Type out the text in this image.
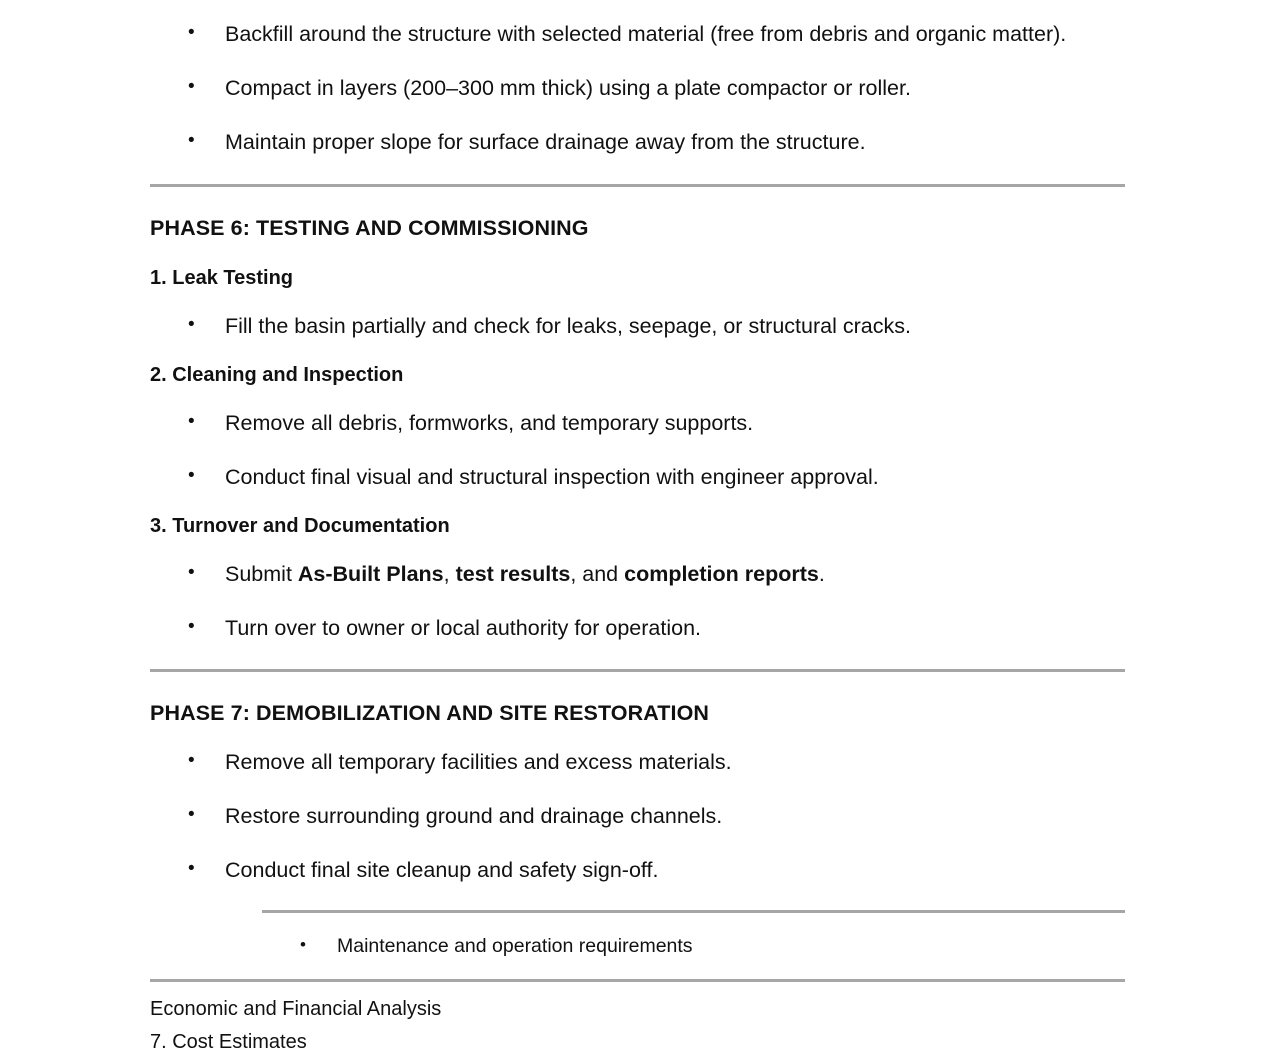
• Backfill around the structure with selected material (free from debris and organic matter).
• Compact in layers (200–300 mm thick) using a plate compactor or roller.
• Maintain proper slope for surface drainage away from the structure.
PHASE 6: TESTING AND COMMISSIONING
1. Leak Testing
• Fill the basin partially and check for leaks, seepage, or structural cracks.
2. Cleaning and Inspection
• Remove all debris, formworks, and temporary supports.
• Conduct final visual and structural inspection with engineer approval.
3. Turnover and Documentation
• Submit As-Built Plans, test results, and completion reports.
• Turn over to owner or local authority for operation.
PHASE 7: DEMOBILIZATION AND SITE RESTORATION
• Remove all temporary facilities and excess materials.
• Restore surrounding ground and drainage channels.
• Conduct final site cleanup and safety sign-off.
• Maintenance and operation requirements
Economic and Financial Analysis
7. Cost Estimates
